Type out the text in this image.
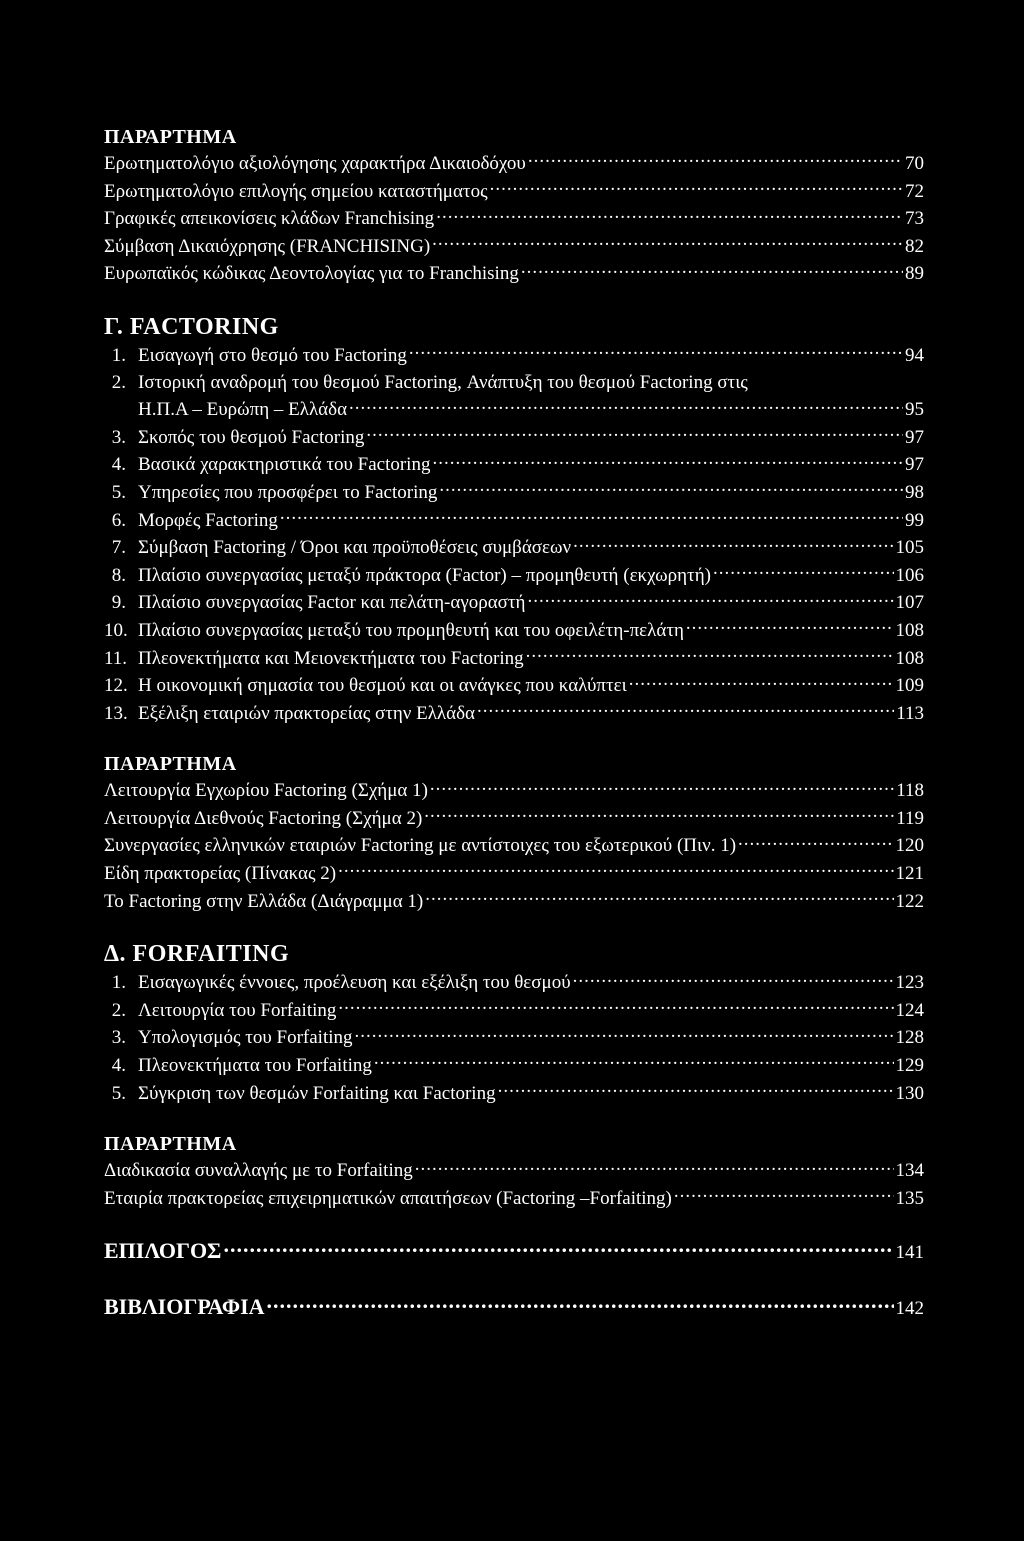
ΠΑΡΑΡΤΗΜΑ
Ερωτηματολόγιο αξιολόγησης χαρακτήρα Δικαιοδόχου .....	70
Ερωτηματολόγιο επιλογής σημείου καταστήματος .....	72
Γραφικές απεικονίσεις κλάδων Franchising .....	73
Σύμβαση Δικαιόχρησης (FRANCHISING) .....	82
Ευρωπαϊκός κώδικας Δεοντολογίας για το Franchising .....	89
Γ. FACTORING
1. Εισαγωγή στο θεσμό του Factoring .....	94
2. Ιστορική αναδρομή του θεσμού Factoring, Ανάπτυξη του θεσμού Factoring στις
Η.Π.Α – Ευρώπη – Ελλάδα .....	95
3. Σκοπός του θεσμού Factoring .....	97
4. Βασικά χαρακτηριστικά του Factoring .....	97
5. Υπηρεσίες που προσφέρει το Factoring .....	98
6. Μορφές Factoring .....	99
7. Σύμβαση Factoring / Όροι και προϋποθέσεις συμβάσεων .....	105
8. Πλαίσιο συνεργασίας μεταξύ πράκτορα (Factor) – προμηθευτή (εκχωρητή) .....	106
9. Πλαίσιο συνεργασίας Factor και πελάτη-αγοραστή .....	107
10. Πλαίσιο συνεργασίας μεταξύ του προμηθευτή και του οφειλέτη-πελάτη .....	108
11. Πλεονεκτήματα και Μειονεκτήματα του Factoring .....	108
12. Η οικονομική σημασία του θεσμού και οι ανάγκες που καλύπτει .....	109
13. Εξέλιξη εταιριών πρακτορείας στην Ελλάδα .....	113
ΠΑΡΑΡΤΗΜΑ
Λειτουργία Εγχωρίου Factoring (Σχήμα 1) .....	118
Λειτουργία Διεθνούς Factoring (Σχήμα 2) .....	119
Συνεργασίες ελληνικών εταιριών Factoring με αντίστοιχες του εξωτερικού (Πιν. 1) .....	120
Είδη πρακτορείας (Πίνακας 2) .....	121
Το Factoring στην Ελλάδα (Διάγραμμα 1) .....	122
Δ. FORFAITING
1. Εισαγωγικές έννοιες, προέλευση και εξέλιξη του θεσμού .....	123
2. Λειτουργία του Forfaiting .....	124
3. Υπολογισμός του Forfaiting .....	128
4. Πλεονεκτήματα του Forfaiting .....	129
5. Σύγκριση των θεσμών Forfaiting και Factoring .....	130
ΠΑΡΑΡΤΗΜΑ
Διαδικασία συναλλαγής με το Forfaiting .....	134
Εταιρία πρακτορείας επιχειρηματικών απαιτήσεων (Factoring –Forfaiting) .....	135
ΕΠΙΛΟΓΟΣ .....	141
ΒΙΒΛΙΟΓΡΑΦΙΑ .....	142
